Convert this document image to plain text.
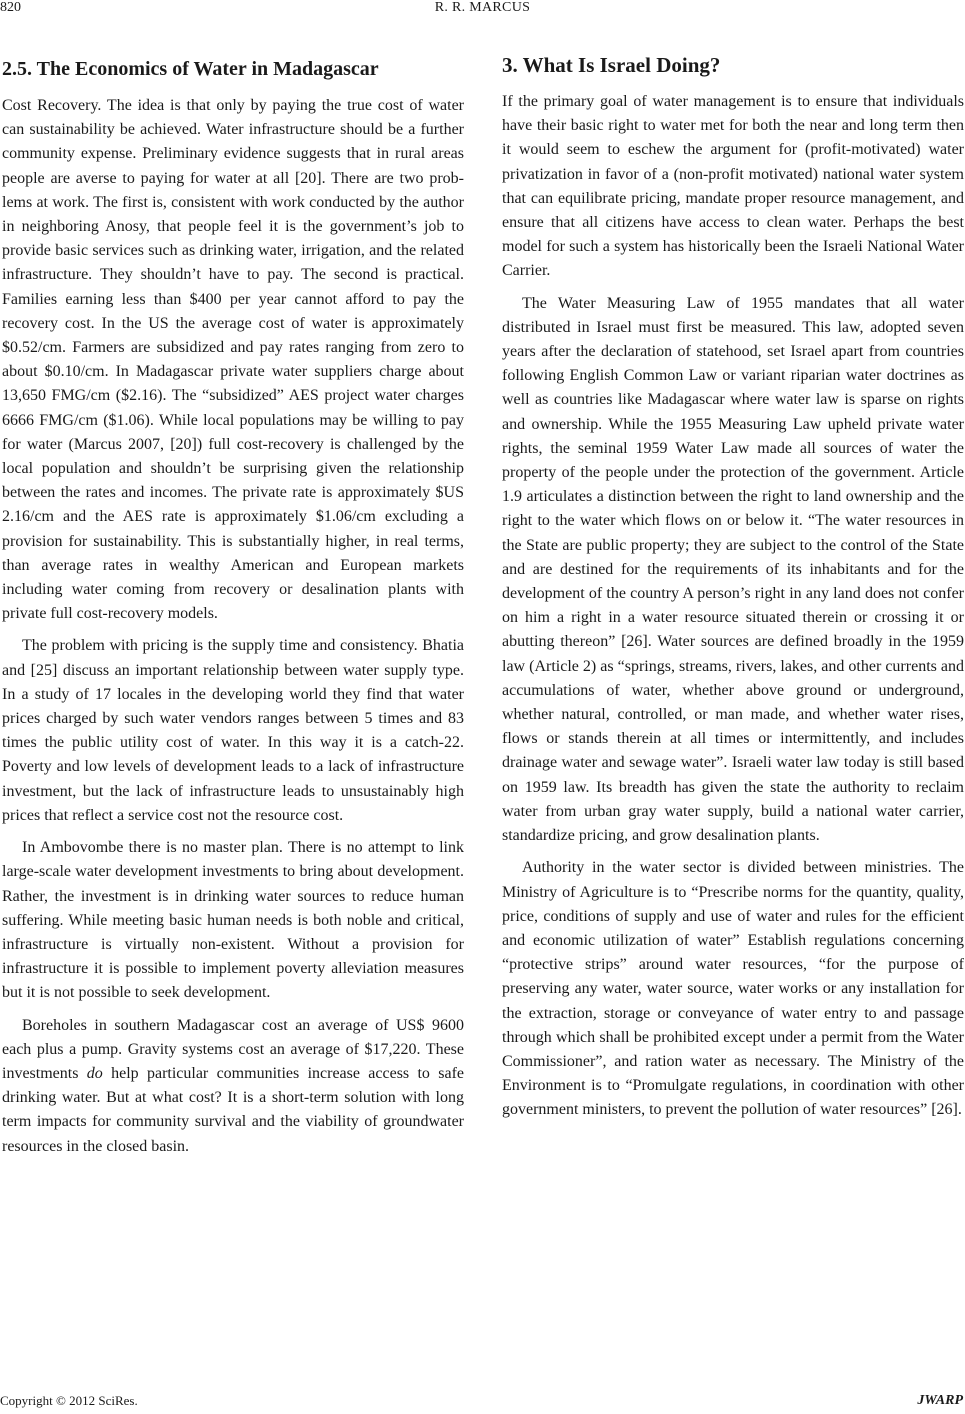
820	R. R. MARCUS
2.5. The Economics of Water in Madagascar

Cost Recovery. The idea is that only by paying the true cost of water can sustainability be achieved. Water infrastructure should be a further community expense. Preliminary evidence suggests that in rural areas people are averse to paying for water at all [20]. There are two problems at work. The first is, consistent with work conducted by the author in neighboring Anosy, that people feel it is the government’s job to provide basic services such as drinking water, irrigation, and the related infrastructure. They shouldn’t have to pay. The second is practical. Families earning less than $400 per year cannot afford to pay the recovery cost. In the US the average cost of water is approximately $0.52/cm. Farmers are subsidized and pay rates ranging from zero to about $0.10/cm. In Madagascar private water suppliers charge about 13,650 FMG/cm ($2.16). The “subsidized” AES project water charges 6666 FMG/cm ($1.06). While local populations may be willing to pay for water (Marcus 2007, [20]) full cost-recovery is challenged by the local population and shouldn’t be surprising given the relationship between the rates and incomes. The private rate is approximately $US 2.16/cm and the AES rate is approximately $1.06/cm excluding a provision for sustainability. This is substantially higher, in real terms, than average rates in wealthy American and European markets including water coming from recovery or desalination plants with private full cost-recovery models.

The problem with pricing is the supply time and consistency. Bhatia and [25] discuss an important relationship between water supply type. In a study of 17 locales in the developing world they find that water prices charged by such water vendors ranges between 5 times and 83 times the public utility cost of water. In this way it is a catch-22. Poverty and low levels of development leads to a lack of infrastructure investment, but the lack of infrastructure leads to unsustainably high prices that reflect a service cost not the resource cost.

In Ambovombe there is no master plan. There is no attempt to link large-scale water development investments to bring about development. Rather, the investment is in drinking water sources to reduce human suffering. While meeting basic human needs is both noble and critical, infrastructure is virtually non-existent. Without a provision for infrastructure it is possible to implement poverty alleviation measures but it is not possible to seek development.

Boreholes in southern Madagascar cost an average of US$ 9600 each plus a pump. Gravity systems cost an average of $17,220. These investments do help particular communities increase access to safe drinking water. But at what cost? It is a short-term solution with long term impacts for community survival and the viability of groundwater resources in the closed basin.

3. What Is Israel Doing?

If the primary goal of water management is to ensure that individuals have their basic right to water met for both the near and long term then it would seem to eschew the argument for (profit-motivated) water privatization in favor of a (non-profit motivated) national water system that can equilibrate pricing, mandate proper resource management, and ensure that all citizens have access to clean water. Perhaps the best model for such a system has historically been the Israeli National Water Carrier.

The Water Measuring Law of 1955 mandates that all water distributed in Israel must first be measured. This law, adopted seven years after the declaration of statehood, set Israel apart from countries following English Common Law or variant riparian water doctrines as well as countries like Madagascar where water law is sparse on rights and ownership. While the 1955 Measuring Law upheld private water rights, the seminal 1959 Water Law made all sources of water the property of the people under the protection of the government. Article 1.9 articulates a distinction between the right to land ownership and the right to the water which flows on or below it. “The water resources in the State are public property; they are subject to the control of the State and are destined for the requirements of its inhabitants and for the development of the country A person’s right in any land does not confer on him a right in a water resource situated therein or crossing it or abutting thereon” [26]. Water sources are defined broadly in the 1959 law (Article 2) as “springs, streams, rivers, lakes, and other currents and accumulations of water, whether above ground or underground, whether natural, controlled, or man made, and whether water rises, flows or stands therein at all times or intermittently, and includes drainage water and sewage water”. Israeli water law today is still based on 1959 law. Its breadth has given the state the authority to reclaim water from urban gray water supply, build a national water carrier, standardize pricing, and grow desalination plants.

Authority in the water sector is divided between ministries. The Ministry of Agriculture is to “Prescribe norms for the quantity, quality, price, conditions of supply and use of water and rules for the efficient and economic utilization of water” Establish regulations concerning “protective strips” around water resources, “for the purpose of preserving any water, water source, water works or any installation for the extraction, storage or conveyance of water entry to and passage through which shall be prohibited except under a permit from the Water Commissioner”, and ration water as necessary. The Ministry of the Environment is to “Promulgate regulations, in coordination with other government ministers, to prevent the pollution of water resources” [26].

Copyright © 2012 SciRes.	JWARP
